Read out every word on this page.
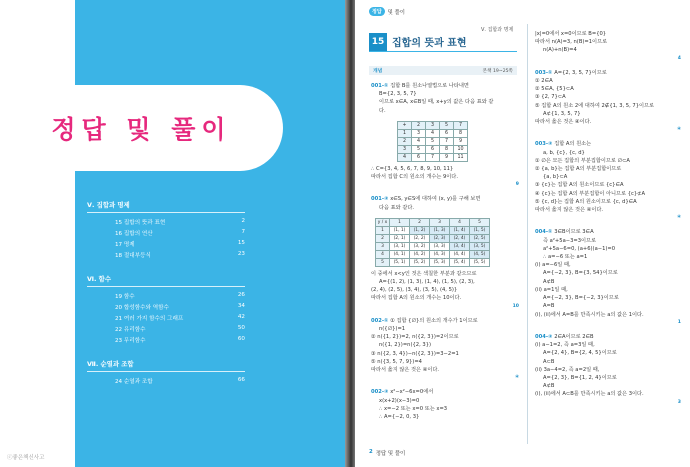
정답 및 풀이
Ⅴ. 집합과 명제
15 집합의 뜻과 표현	2
16 집합의 연산	7
17 명제	15
18 절대부등식	23
Ⅵ. 함수
19 함수	26
20 합성함수와 역함수	34
21 여러 가지 함수의 그래프	42
22 유리함수	50
23 무리함수	60
Ⅶ. 순열과 조합
24 순열과 조합	66
ⓒ좋은책신사고
정답	및 풀이
Ⅴ. 집합과 명제
15 집합의 뜻과 표현
개념	본책 19~25쪽
001-① 집합 B를 원소나열법으로 나타내면
B={2, 3, 5, 7}
이므로 x∈A, x∈B일 때, x+y의 값은 다음 표와 같
다.
+	2	3	5	7
1	3	4	6	8
2	4	5	7	9
3	5	6	8	10
4	6	7	9	11
∴ C={3, 4, 5, 6, 7, 8, 9, 10, 11}
따라서 집합 C의 원소의 개수는 9이다.
9
001-② x∈S, y∈S에 대하여 (x, y)를 구해 보면
다음 표와 같다.
y / x	1	2	3	4	5
1	(1, 1)	(1, 2)	(1, 3)	(1, 4)	(1, 5)
2	(2, 1)	(2, 2)	(2, 3)	(2, 4)	(2, 5)
3	(3, 1)	(3, 2)	(3, 3)	(3, 4)	(3, 5)
4	(4, 1)	(4, 2)	(4, 3)	(4, 4)	(4, 5)
5	(5, 1)	(5, 2)	(5, 3)	(5, 4)	(5, 5)
이 중에서 x<y인 것은 색칠한 부분과 같으므로
A={(1, 2), (1, 3), (1, 4), (1, 5), (2, 3),
(2, 4), (2, 5), (3, 4), (3, 5), (4, 5)}
따라서 집합 A의 원소의 개수는 10이다.
10
002-① ① 집합 {∅}의 원소의 개수가 1이므로
n({∅})=1
② n({1, 2})=2, n({2, 3})=2이므로
n({1, 2})=n({2, 3})
③ n({2, 3, 4})−n({2, 3})=3−2=1
⑤ n({3, 5, 7, 9})=4
따라서 옳지 않은 것은 ④이다.
④
002-② x²−x²−6x=0에서
x(x+2)(x−3)=0
∴ x=−2 또는 x=0 또는 x=3
∴ A={−2, 0, 3}
|x|=0에서 x=0이므로 B={0}
따라서 n(A)=3, n(B)=1이므로
n(A)+n(B)=4
4
003-① A={2, 3, 5, 7}이므로
① 2∈A
② 5∈A, {5}⊂A
③ {2, 7}⊂A
⑤ 집합 A의 원소 2에 대하여 2∉{1, 3, 5, 7}이므로
A⊄{1, 3, 5, 7}
따라서 옳은 것은 ④이다.
④
003-② 집합 A의 원소는
a, b, {c}, {c, d}
① ∅은 모든 집합의 부분집합이므로 ∅⊂A
② {a, b}는 집합 A의 부분집합이므로
{a, b}⊂A
③ {c}는 집합 A의 원소이므로 {c}∈A
④ {c}는 집합 A의 부분집합이 아니므로 {c}⊄A
⑤ {c, d}는 집합 A의 원소이므로 {c, d}∈A
따라서 옳지 않은 것은 ④이다.
④
004-① 3∈B이므로 3∈A
즉 a²+5a−3=3이므로
a²+5a−6=0, (a+6)(a−1)=0
∴ a=−6 또는 a=1
(i) a=−6일 때,
A={−2, 3}, B={3, 54}이므로
A⊄B
(ii) a=1일 때,
A={−2, 3}, B={−2, 3}이므로
A=B
(i), (ii)에서 A=B를 만족시키는 a의 값은 1이다.
1
004-② 2∈A이므로 2∈B
(i) a−1=2, 즉 a=3일 때,
A={2, 4}, B={2, 4, 5}이므로
A⊂B
(ii) 3a−4=2, 즉 a=2일 때,
A={2, 3}, B={1, 2, 4}이므로
A⊄B
(i), (ii)에서 A⊂B를 만족시키는 a의 값은 3이다.
3
2 정답 및 풀이
